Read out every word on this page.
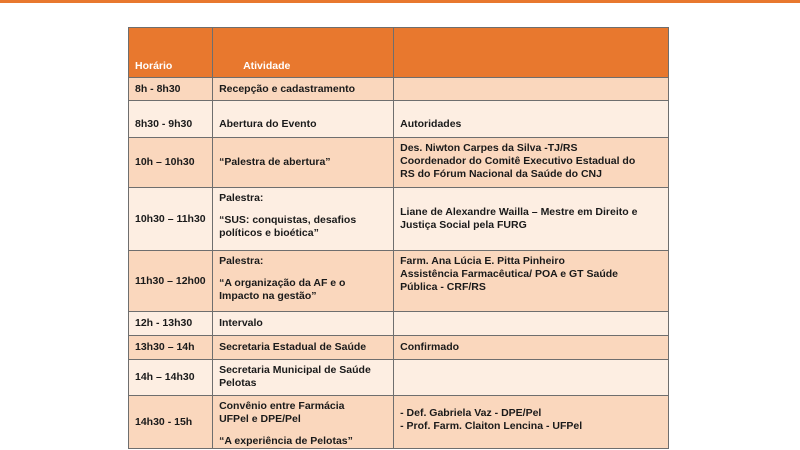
Horário	Atividade	
8h - 8h30	Recepção e cadastramento	
8h30 - 9h30	Abertura do Evento	Autoridades
10h – 10h30	“Palestra de abertura”	Des. Niwton Carpes da Silva -TJ/RS
Coordenador do Comitê Executivo Estadual do
RS do Fórum Nacional da Saúde do CNJ

10h30 – 11h30	Palestra:
“SUS: conquistas, desafios
políticos e bioética”	Liane de Alexandre Wailla – Mestre em Direito e
Justiça Social pela FURG

11h30 – 12h00	Palestra:
“A organização da AF e o
Impacto na gestão”	Farm. Ana Lúcia E. Pitta Pinheiro
Assistência Farmacêutica/ POA e GT Saúde
Pública - CRF/RS

12h - 13h30	Intervalo	
13h30 – 14h	Secretaria Estadual de Saúde	Confirmado
14h – 14h30	Secretaria Municipal de Saúde
Pelotas	

14h30 - 15h	Convênio entre Farmácia
UFPel e DPE/Pel
“A experiência de Pelotas”	- Def. Gabriela Vaz - DPE/Pel
- Prof. Farm. Claiton Lencina - UFPel
